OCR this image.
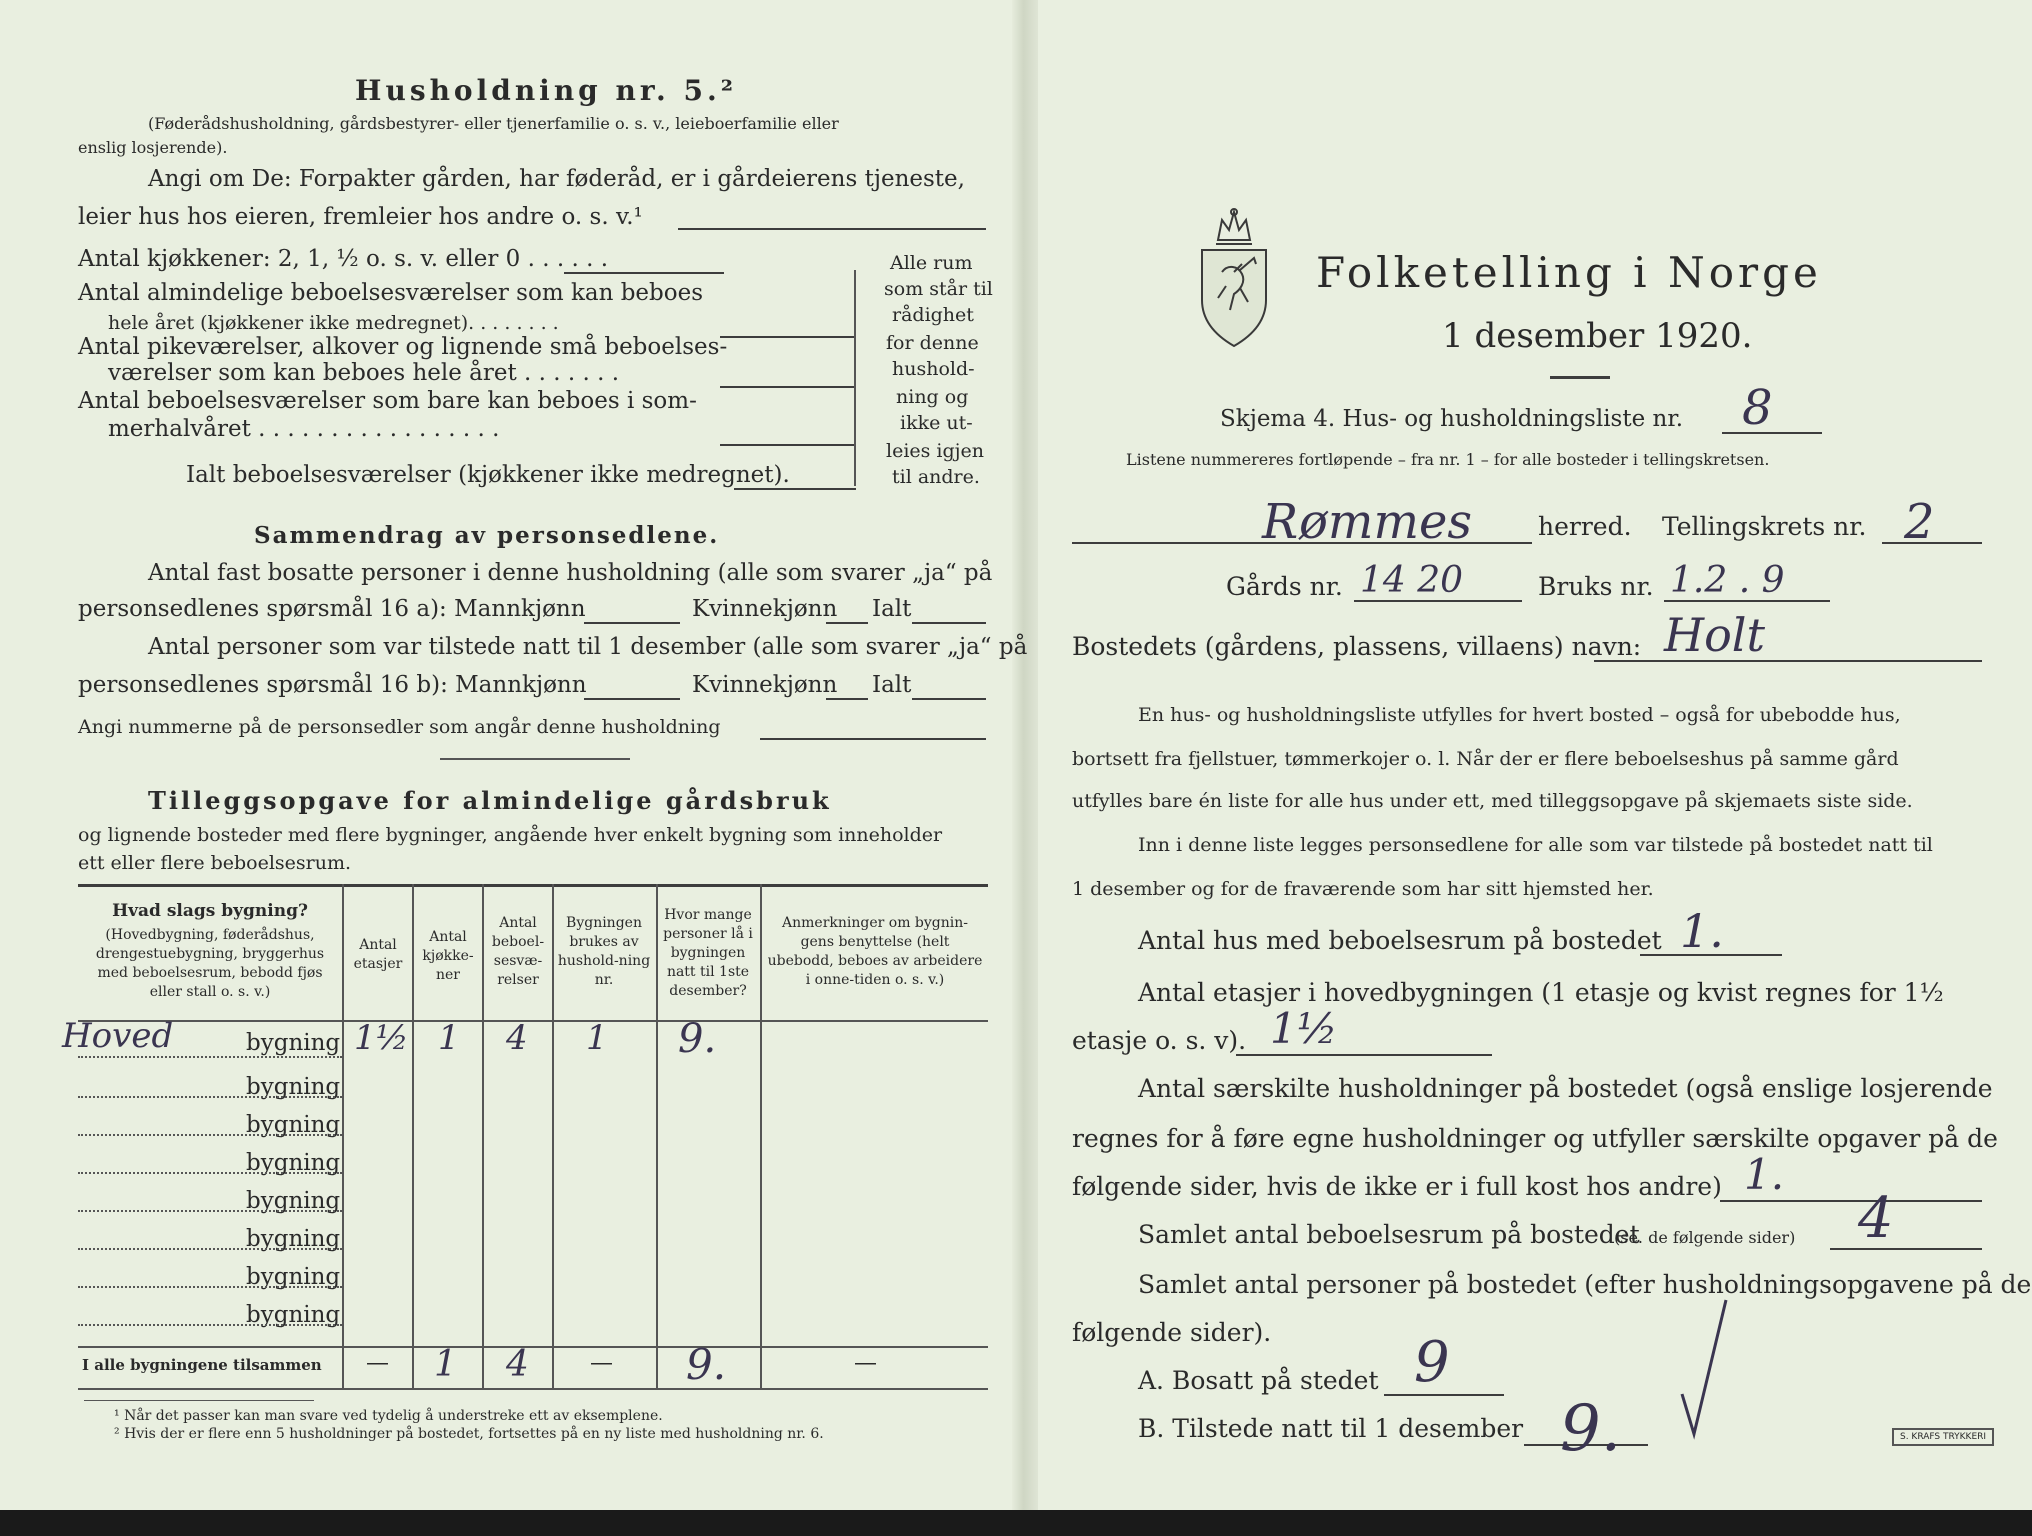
Husholdning nr. 5.²
(Føderådshusholdning, gårdsbestyrer- eller tjenerfamilie o. s. v., leieboerfamilie eller
enslig losjerende).
Angi om De: Forpakter gården, har føderåd, er i gårdeierens tjeneste,
leier hus hos eieren, fremleier hos andre o. s. v.¹
Antal kjøkkener: 2, 1, ½ o. s. v. eller 0 . . . . . .
Antal almindelige beboelsesværelser som kan beboes
hele året (kjøkkener ikke medregnet). . . . . . . .
Antal pikeværelser, alkover og lignende små beboelses-
værelser som kan beboes hele året . . . . . . .
Antal beboelsesværelser som bare kan beboes i som-
merhalvåret . . . . . . . . . . . . . . . . .
Ialt beboelsesværelser (kjøkkener ikke medregnet).
Alle rum
som står til
rådighet
for denne
hushold-
ning og
ikke ut-
leies igjen
til andre.
Sammendrag av personsedlene.
Antal fast bosatte personer i denne husholdning (alle som svarer „ja“ på
personsedlenes spørsmål 16 a): Mannkjønn	Kvinnekjønn Ialt
Antal personer som var tilstede natt til 1 desember (alle som svarer „ja“ på
personsedlenes spørsmål 16 b): Mannkjønn	Kvinnekjønn Ialt
Angi nummerne på de personsedler som angår denne husholdning
Tilleggsopgave for almindelige gårdsbruk
og lignende bosteder med flere bygninger, angående hver enkelt bygning som inneholder
ett eller flere beboelsesrum.
Hvad slags bygning?
(Hovedbygning, føderådshus, drengestuebygning, bryggerhus med beboelsesrum, bebodd fjøs eller stall o. s. v.)
Antal etasjer
Antal kjøkke-ner
Antal beboel-sesvæ-relser
Bygningen brukes av hushold-ning nr.
Hvor mange personer lå i bygningen natt til 1ste desember?
Anmerkninger om bygnin-gens benyttelse (helt ubebodd, beboes av arbeidere i onne-tiden o. s. v.)
Hoved	bygning 1½ 1 4 1 9.
bygning
bygning
bygning
bygning
bygning
bygning
bygning
I alle bygningene tilsammen — 1 4	— 9.	—
¹ Når det passer kan man svare ved tydelig å understreke ett av eksemplene.
² Hvis der er flere enn 5 husholdninger på bostedet, fortsettes på en ny liste med husholdning nr. 6.
Folketelling i Norge
1 desember 1920.
Skjema 4. Hus- og husholdningsliste nr. 8
Listene nummereres fortløpende – fra nr. 1 – for alle bosteder i tellingskretsen.
Rømmes	herred. Tellingskrets nr. 2
Gårds nr. 14 20	Bruks nr. 1.2 . 9
Bostedets (gårdens, plassens, villaens) navn: Holt
En hus- og husholdningsliste utfylles for hvert bosted – også for ubebodde hus,
bortsett fra fjellstuer, tømmerkojer o. l. Når der er flere beboelseshus på samme gård
utfylles bare én liste for alle hus under ett, med tilleggsopgave på skjemaets siste side.
Inn i denne liste legges personsedlene for alle som var tilstede på bostedet natt til
1 desember og for de fraværende som har sitt hjemsted her.
Antal hus med beboelsesrum på bostedet 1.
Antal etasjer i hovedbygningen (1 etasje og kvist regnes for 1½
etasje o. s. v). 1½
Antal særskilte husholdninger på bostedet (også enslige losjerende
regnes for å føre egne husholdninger og utfyller særskilte opgaver på de
følgende sider, hvis de ikke er i full kost hos andre) 1.
Samlet antal beboelsesrum på bostedet
(se. de følgende sider) 4
Samlet antal personer på bostedet (efter husholdningsopgavene på de
følgende sider).
A. Bosatt på stedet 9
B. Tilstede natt til 1 desember 9.	S. KRAFS TRYKKERI
